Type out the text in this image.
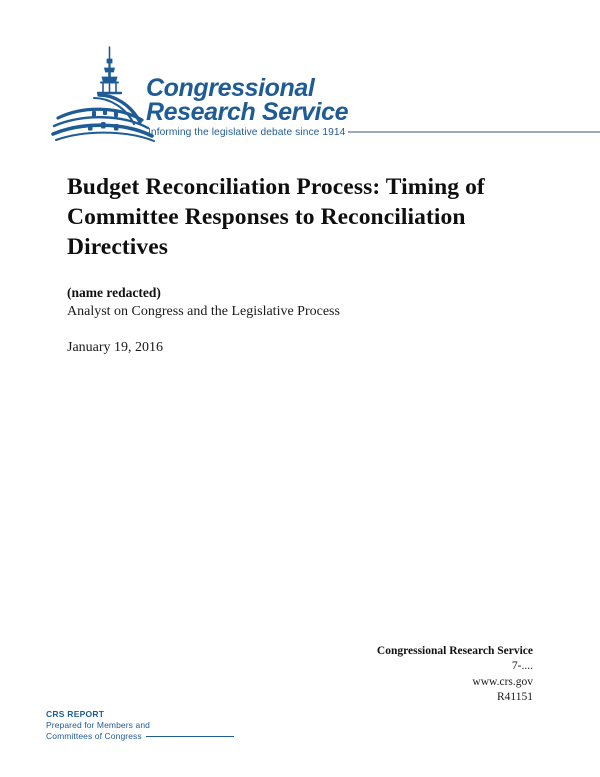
Congressional
Research Service
Informing the legislative debate since 1914
Budget Reconciliation Process: Timing of Committee Responses to Reconciliation Directives
(name redacted)
Analyst on Congress and the Legislative Process
January 19, 2016
Congressional Research Service
7-....
www.crs.gov
R41151
CRS REPORT
Prepared for Members and
Committees of Congress
